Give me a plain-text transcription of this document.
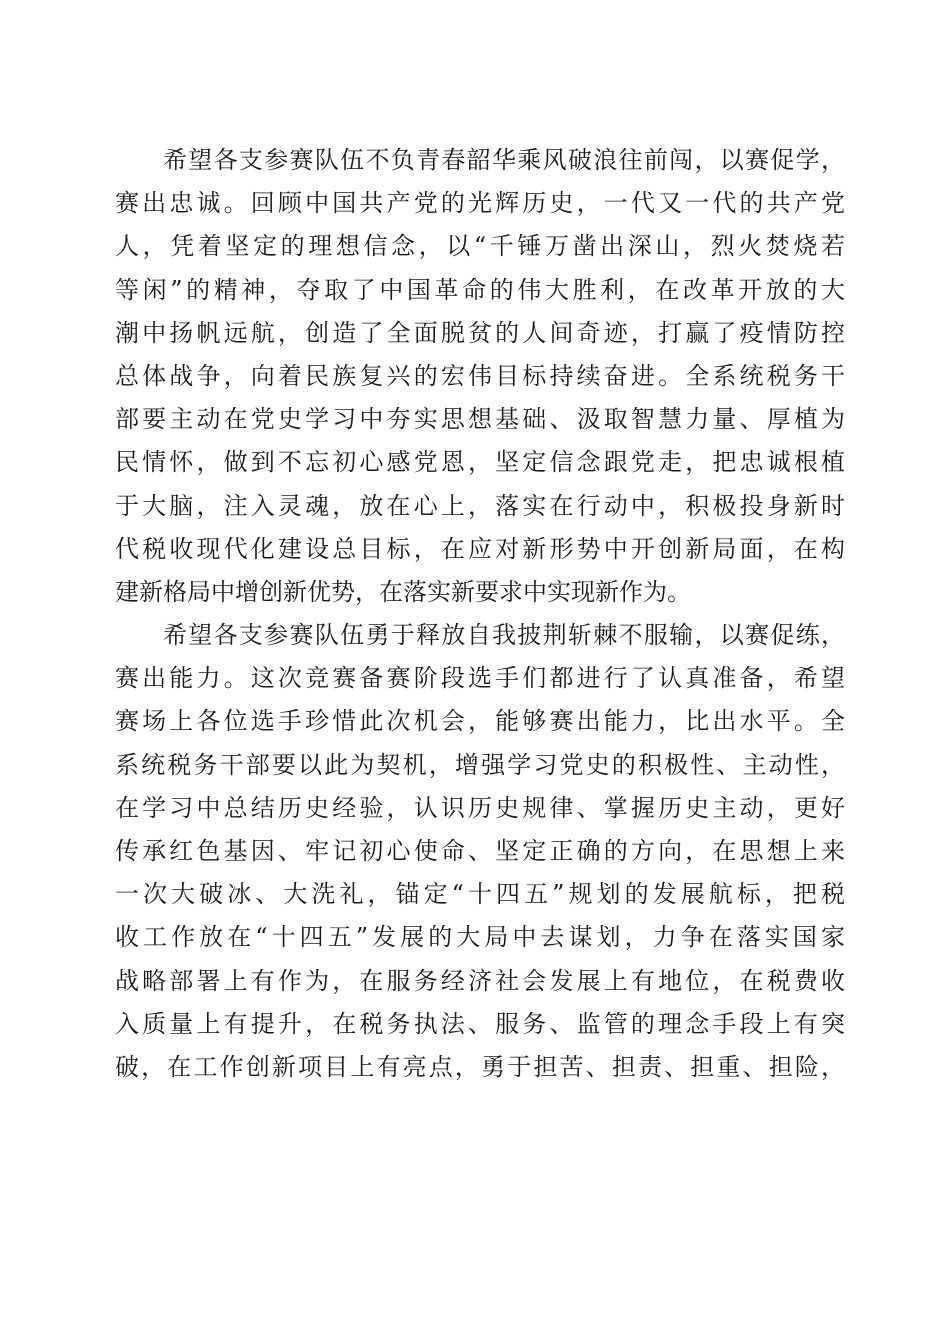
希望各支参赛队伍不负青春韶华乘风破浪往前闯，以赛促学，
赛出忠诚。回顾中国共产党的光辉历史，一代又一代的共产党
人，凭着坚定的理想信念，以“千锤万凿出深山，烈火焚烧若
等闲”的精神，夺取了中国革命的伟大胜利，在改革开放的大
潮中扬帆远航，创造了全面脱贫的人间奇迹，打赢了疫情防控
总体战争，向着民族复兴的宏伟目标持续奋进。全系统税务干
部要主动在党史学习中夯实思想基础、汲取智慧力量、厚植为
民情怀，做到不忘初心感党恩，坚定信念跟党走，把忠诚根植
于大脑，注入灵魂，放在心上，落实在行动中，积极投身新时
代税收现代化建设总目标，在应对新形势中开创新局面，在构
建新格局中增创新优势，在落实新要求中实现新作为。
希望各支参赛队伍勇于释放自我披荆斩棘不服输，以赛促练，
赛出能力。这次竞赛备赛阶段选手们都进行了认真准备，希望
赛场上各位选手珍惜此次机会，能够赛出能力，比出水平。全
系统税务干部要以此为契机，增强学习党史的积极性、主动性，
在学习中总结历史经验，认识历史规律、掌握历史主动，更好
传承红色基因、牢记初心使命、坚定正确的方向，在思想上来
一次大破冰、大洗礼，锚定“十四五”规划的发展航标，把税
收工作放在“十四五”发展的大局中去谋划，力争在落实国家
战略部署上有作为，在服务经济社会发展上有地位，在税费收
入质量上有提升，在税务执法、服务、监管的理念手段上有突
破，在工作创新项目上有亮点，勇于担苦、担责、担重、担险，
